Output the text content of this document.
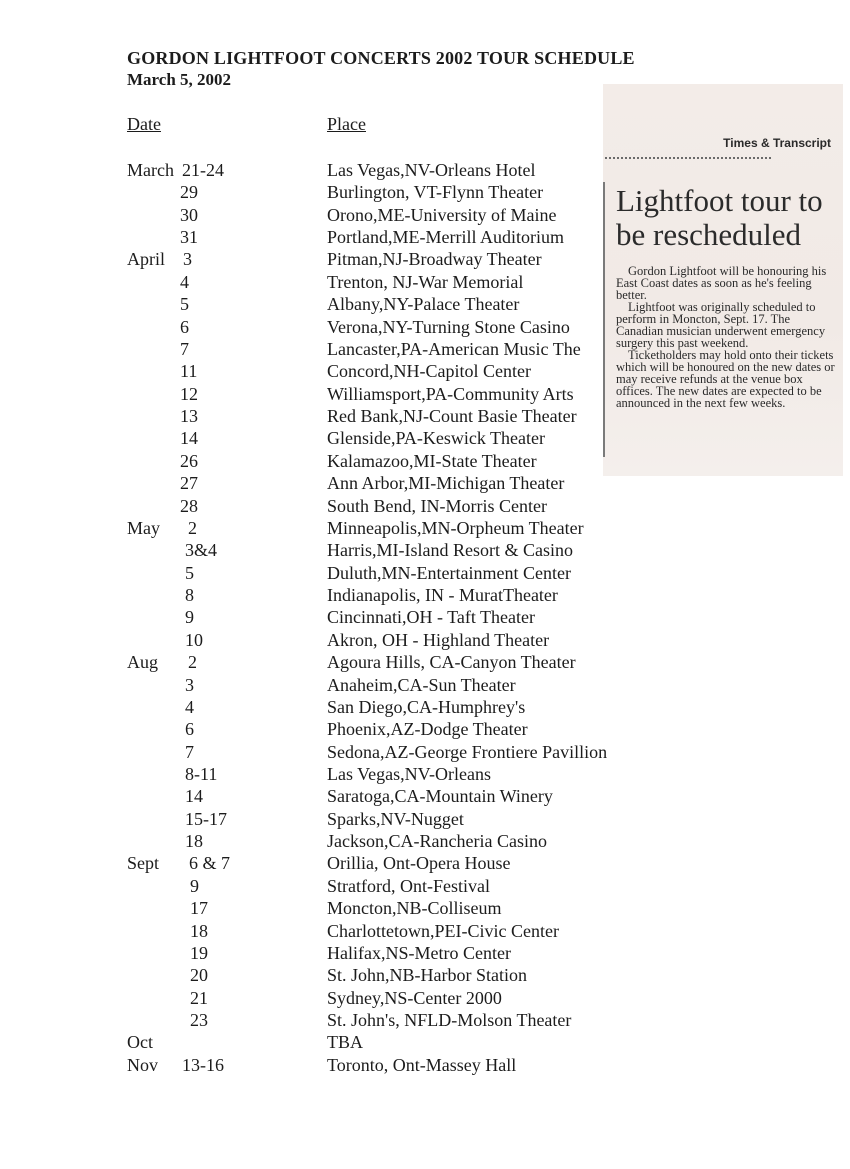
GORDON LIGHTFOOT CONCERTS 2002 TOUR SCHEDULE
March 5, 2002
Date	Place
March 21-24	Las Vegas,NV-Orleans Hotel
29	Burlington, VT-Flynn Theater
30	Orono,ME-University of Maine
31	Portland,ME-Merrill Auditorium
April 3	Pitman,NJ-Broadway Theater
4	Trenton, NJ-War Memorial
5	Albany,NY-Palace Theater
6	Verona,NY-Turning Stone Casino
7	Lancaster,PA-American Music The
11	Concord,NH-Capitol Center
12	Williamsport,PA-Community Arts
13	Red Bank,NJ-Count Basie Theater
14	Glenside,PA-Keswick Theater
26	Kalamazoo,MI-State Theater
27	Ann Arbor,MI-Michigan Theater
28	South Bend, IN-Morris Center
May 2	Minneapolis,MN-Orpheum Theater
3&4	Harris,MI-Island Resort & Casino
5	Duluth,MN-Entertainment Center
8	Indianapolis, IN - MuratTheater
9	Cincinnati,OH - Taft Theater
10	Akron, OH - Highland Theater
Aug 2	Agoura Hills, CA-Canyon Theater
3	Anaheim,CA-Sun Theater
4	San Diego,CA-Humphrey's
6	Phoenix,AZ-Dodge Theater
7	Sedona,AZ-George Frontiere Pavillion
8-11	Las Vegas,NV-Orleans
14	Saratoga,CA-Mountain Winery
15-17	Sparks,NV-Nugget
18	Jackson,CA-Rancheria Casino
Sept 6 & 7	Orillia, Ont-Opera House
9	Stratford, Ont-Festival
17	Moncton,NB-Colliseum
18	Charlottetown,PEI-Civic Center
19	Halifax,NS-Metro Center
20	St. John,NB-Harbor Station
21	Sydney,NS-Center 2000
23	St. John's, NFLD-Molson Theater
Oct	TBA
Nov 13-16	Toronto, Ont-Massey Hall
Times & Transcript
Lightfoot tour to be rescheduled

Gordon Lightfoot will be honouring his East Coast dates as soon as he's feeling better.

Lightfoot was originally scheduled to perform in Moncton, Sept. 17. The Canadian musician underwent emergency surgery this past weekend.

Ticketholders may hold onto their tickets which will be honoured on the new dates or may receive refunds at the venue box offices. The new dates are expected to be announced in the next few weeks.
